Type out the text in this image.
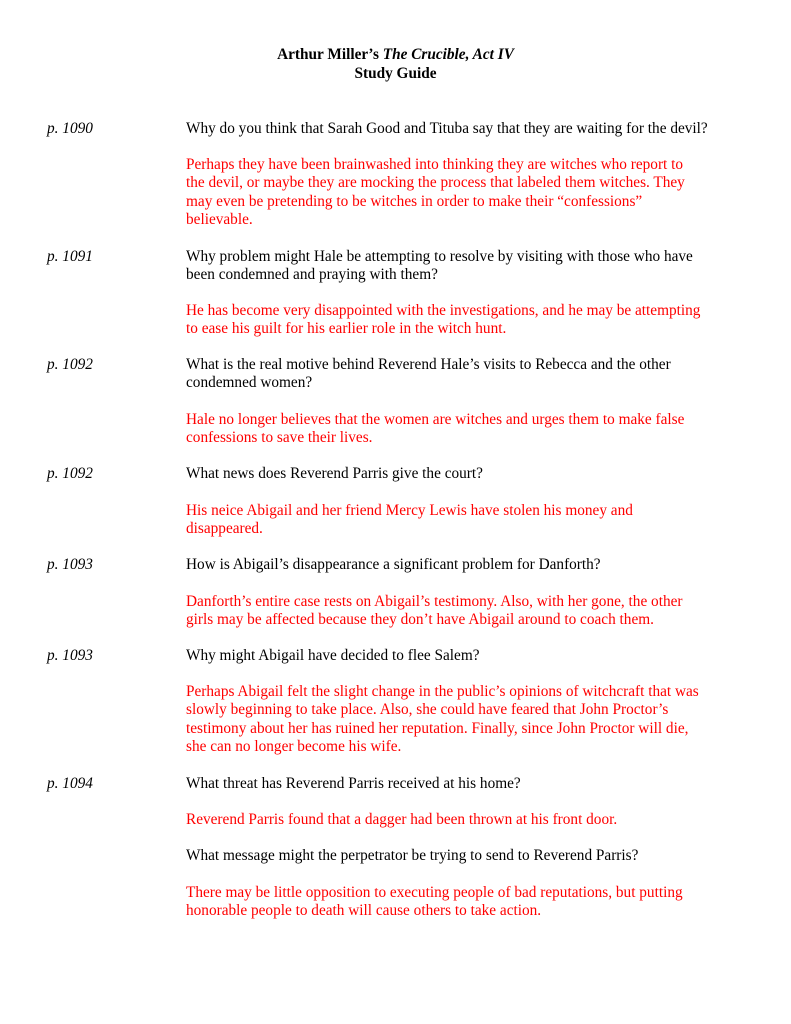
Arthur Miller’s The Crucible, Act IV
Study Guide
p. 1090	Why do you think that Sarah Good and Tituba say that they are waiting for the devil?
Perhaps they have been brainwashed into thinking they are witches who report to
the devil, or maybe they are mocking the process that labeled them witches. They
may even be pretending to be witches in order to make their “confessions”
believable.
p. 1091	Why problem might Hale be attempting to resolve by visiting with those who have
been condemned and praying with them?
He has become very disappointed with the investigations, and he may be attempting
to ease his guilt for his earlier role in the witch hunt.
p. 1092	What is the real motive behind Reverend Hale’s visits to Rebecca and the other
condemned women?
Hale no longer believes that the women are witches and urges them to make false
confessions to save their lives.
p. 1092	What news does Reverend Parris give the court?
His neice Abigail and her friend Mercy Lewis have stolen his money and
disappeared.
p. 1093	How is Abigail’s disappearance a significant problem for Danforth?
Danforth’s entire case rests on Abigail’s testimony. Also, with her gone, the other
girls may be affected because they don’t have Abigail around to coach them.
p. 1093	Why might Abigail have decided to flee Salem?
Perhaps Abigail felt the slight change in the public’s opinions of witchcraft that was
slowly beginning to take place. Also, she could have feared that John Proctor’s
testimony about her has ruined her reputation. Finally, since John Proctor will die,
she can no longer become his wife.
p. 1094	What threat has Reverend Parris received at his home?
Reverend Parris found that a dagger had been thrown at his front door.
What message might the perpetrator be trying to send to Reverend Parris?
There may be little opposition to executing people of bad reputations, but putting
honorable people to death will cause others to take action.
